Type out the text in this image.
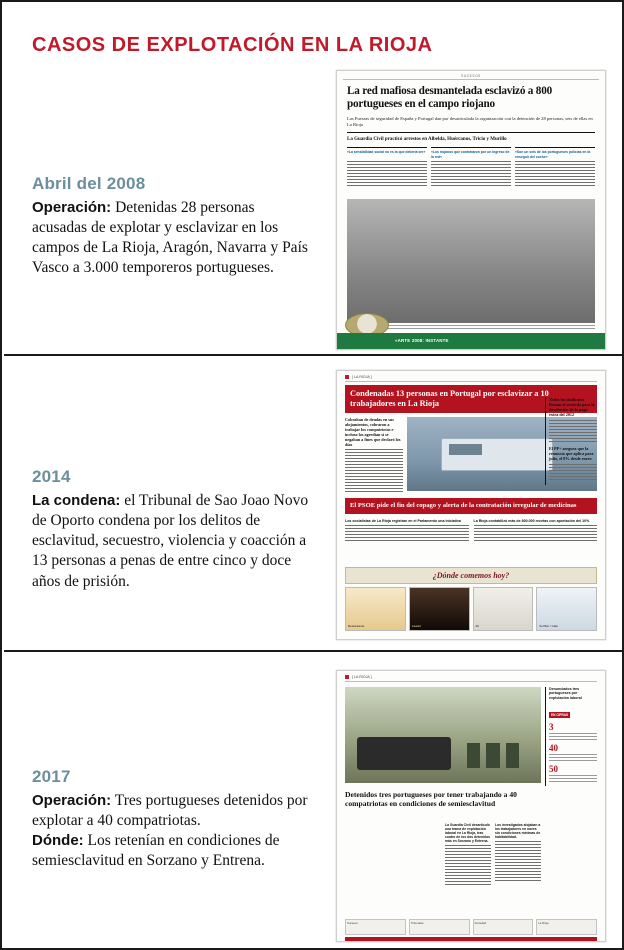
CASOS DE EXPLOTACIÓN EN LA RIOJA
Abril del 2008
Operación: Detenidas 28 personas acusadas de explotar y esclavizar en los campos de La Rioja, Aragón, Navarra y País Vasco a 3.000 temporeros portugueses.
2014
La condena: el Tribunal de Sao Joao Novo de Oporto condena por los delitos de esclavitud, secuestro, violencia y coacción a 13 personas a penas de entre cinco y doce años de prisión.
2017
Operación: Tres portugueses detenidos por explotar a 40 compatriotas.
Dónde: Los retenían en condiciones de semiesclavitud en Sorzano y Entrena.
SUCESOS
La red mafiosa desmantelada esclavizó a 800 portugueses en el campo riojano
Las Fuerzas de seguridad de España y Portugal dan por desarticulada la organización con la detención de 28 personas, seis de ellas en La Rioja
La Guardia Civil practicó arrestos en Albelda, Huércanos, Tricio y Murillo
«La sensibilidad social no es la que debería ser»	«Los riojanos que contrataron por un ingreso de la red»
«Son un seis de los portugueses policías en la enseguir del coche»
«ARTE 2008: INSTANTE
[ LA RIOJA ]
Condenadas 13 personas en Portugal por esclavizar a 10 trabajadores en La Rioja
Cobraban de deudas en sus alojamientos, cobraron a trabajar los compatriotas e incluso los agredían si se negaban a fines que declaró los días
Todos los sindicatos firman el acuerdo para la devolución de la paga extra del 2012
El PP+ asegura que la renuncia que aplica para julio, el 8% desde enero
El PSOE pide el fin del copago y alerta de la contratación irregular de medicinas
Los socialistas de La Rioja registran en el Parlamento una iniciativa	La Rioja contabilizó más de 800.000 recetas con aportación del 10%
¿Dónde comemos hoy?
Restaurante	Asador	26	Sol Bar / Café
[ LA RIOJA ]
Denunciados tres portugueses por explotación laboral
EN CIFRAS
3
40
50
Detenidos tres portugueses por tener trabajando a 40 compatriotas en condiciones de semiesclavitud
La Guardia Civil desarticuló una trama de explotación laboral en La Rioja, tras cuatro de los dos detenidos más en Sorzano y Entrena.
Los investigados alojaban a los trabajadores en naves sin condiciones mínimas de habitabilidad.
Sucesos	Tribunales	Sociedad	La Rioja
